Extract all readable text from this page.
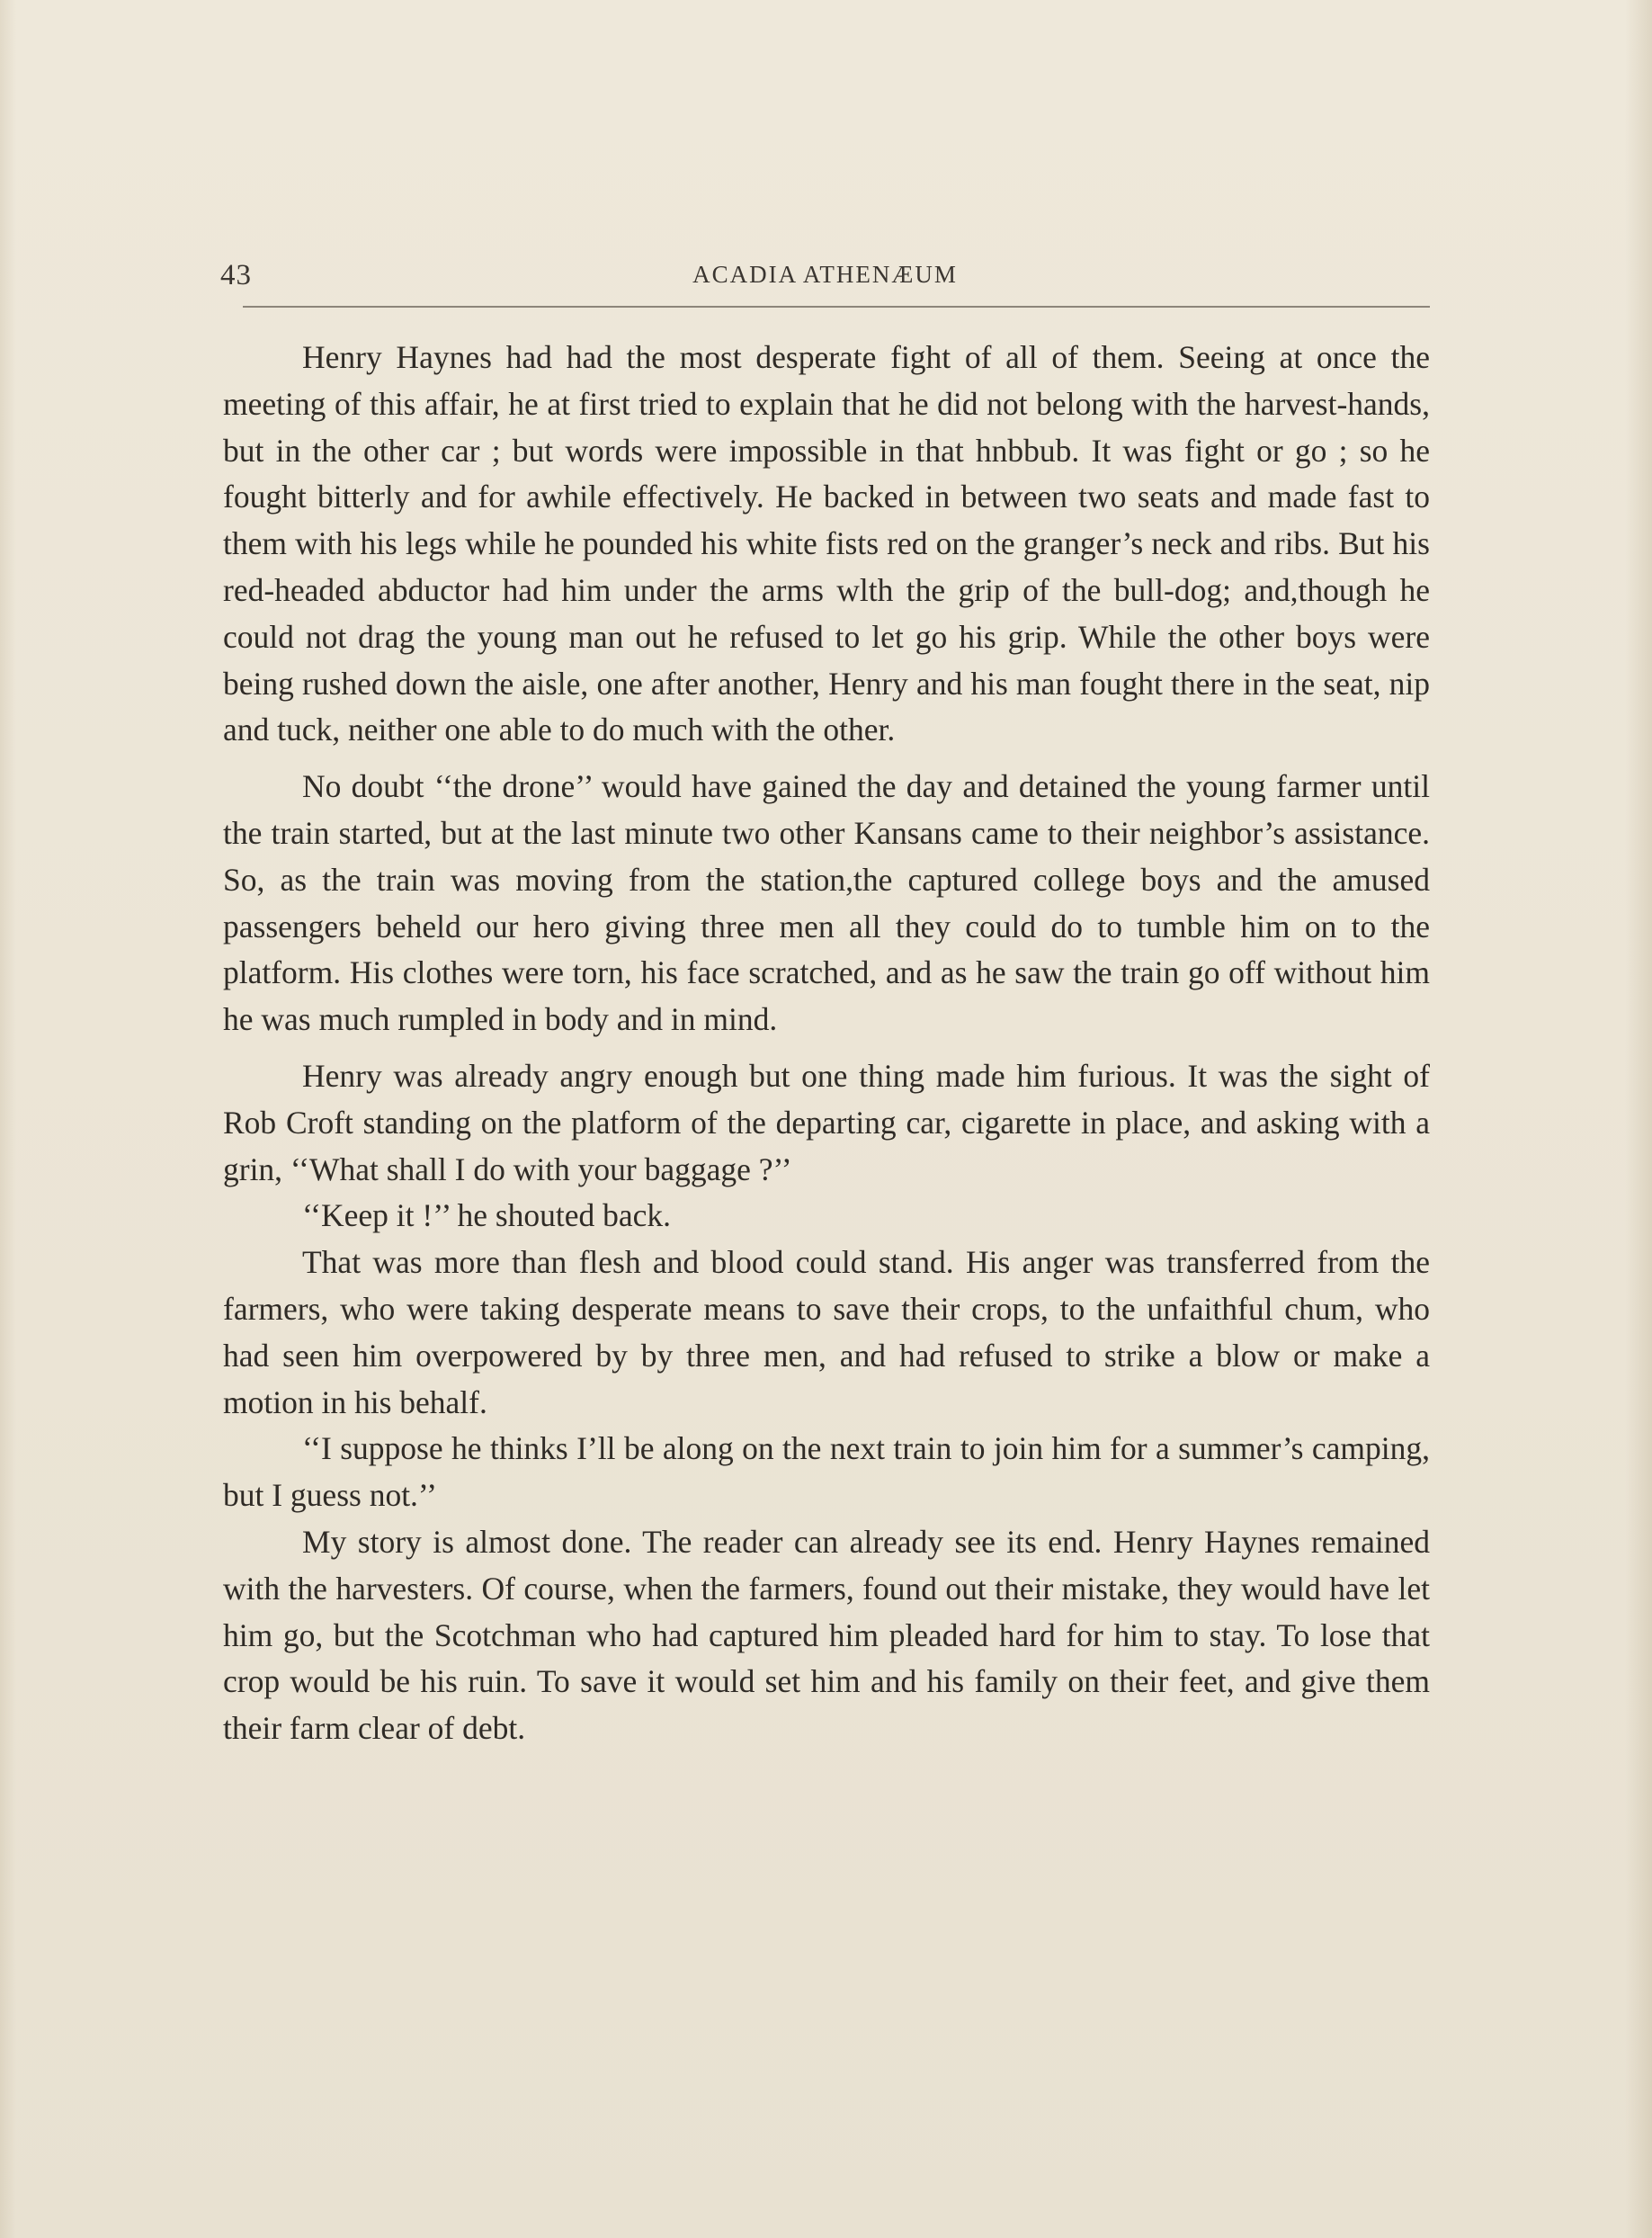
43	ACADIA ATHENÆUM

Henry Haynes had had the most desperate fight of all of them. Seeing at once the meeting of this affair, he at first tried to explain that he did not belong with the harvest-hands, but in the other car ; but words were impossible in that hnbbub. It was fight or go ; so he fought bitterly and for awhile effectively. He backed in between two seats and made fast to them with his legs while he pounded his white fists red on the granger’s neck and ribs. But his red-headed abductor had him under the arms wlth the grip of the bull-dog; and,though he could not drag the young man out he refused to let go his grip. While the other boys were being rushed down the aisle, one after another, Henry and his man fought there in the seat, nip and tuck, neither one able to do much with the other.

No doubt ‘‘the drone’’ would have gained the day and detained the young farmer until the train started, but at the last minute two other Kansans came to their neighbor’s assistance. So, as the train was moving from the station,the captured college boys and the amused passengers beheld our hero giving three men all they could do to tumble him on to the platform. His clothes were torn, his face scratched, and as he saw the train go off without him he was much rumpled in body and in mind.

Henry was already angry enough but one thing made him furious. It was the sight of Rob Croft standing on the platform of the departing car, cigarette in place, and asking with a grin, ‘‘What shall I do with your baggage ?’’

‘‘Keep it !’’ he shouted back.

That was more than flesh and blood could stand. His anger was transferred from the farmers, who were taking desperate means to save their crops, to the unfaithful chum, who had seen him overpowered by by three men, and had refused to strike a blow or make a motion in his behalf.

‘‘I suppose he thinks I’ll be along on the next train to join him for a summer’s camping, but I guess not.’’

My story is almost done. The reader can already see its end. Henry Haynes remained with the harvesters. Of course, when the farmers, found out their mistake, they would have let him go, but the Scotchman who had captured him pleaded hard for him to stay. To lose that crop would be his ruin. To save it would set him and his family on their feet, and give them their farm clear of debt.
